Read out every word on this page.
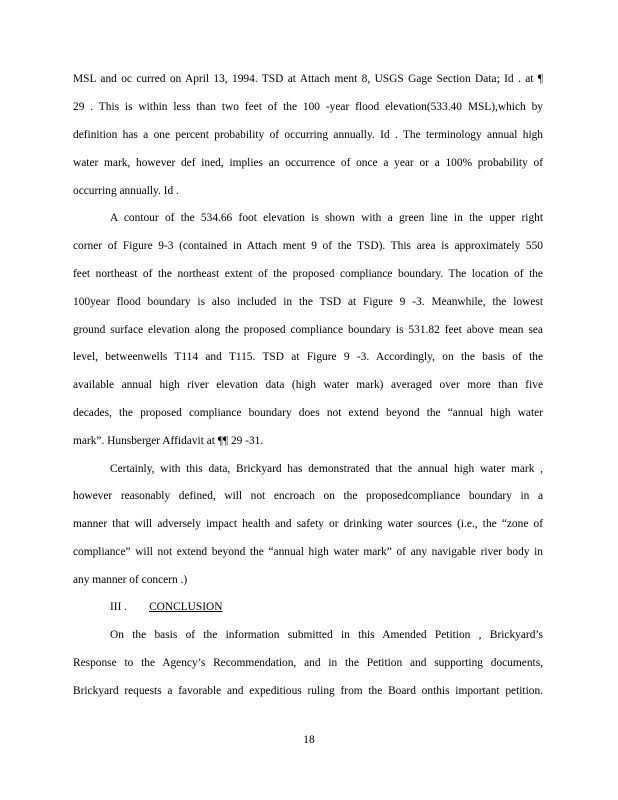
MSL and oc curred on April 13, 1994. TSD at Attach ment 8, USGS Gage Section Data; Id . at ¶
29 . This is within less than two feet of the 100 -year flood elevation(533.40 MSL),which by
definition has a one percent probability of occurring annually. Id . The terminology annual high
water mark, however def ined, implies an occurrence of once a year or a 100% probability of
occurring annually. Id .
A contour of the 534.66 foot elevation is shown with a green line in the upper right
corner of Figure 9-3 (contained in Attach ment 9 of the TSD). This area is approximately 550
feet northeast of the northeast extent of the proposed compliance boundary. The location of the
100year flood boundary is also included in the TSD at Figure 9 -3. Meanwhile, the lowest
ground surface elevation along the proposed compliance boundary is 531.82 feet above mean sea
level, betweenwells T114 and T115. TSD at Figure 9 -3. Accordingly, on the basis of the
available annual high river elevation data (high water mark) averaged over more than five
decades, the proposed compliance boundary does not extend beyond the “annual high water
mark”. Hunsberger Affidavit at ¶¶ 29 -31.
Certainly, with this data, Brickyard has demonstrated that the annual high water mark ,
however reasonably defined, will not encroach on the proposedcompliance boundary in a
manner that will adversely impact health and safety or drinking water sources (i.e., the “zone of
compliance” will not extend beyond the “annual high water mark” of any navigable river body in
any manner of concern .)
III . CONCLUSION
On the basis of the information submitted in this Amended Petition , Brickyard’s
Response to the Agency’s Recommendation, and in the Petition and supporting documents,
Brickyard requests a favorable and expeditious ruling from the Board onthis important petition.
18
